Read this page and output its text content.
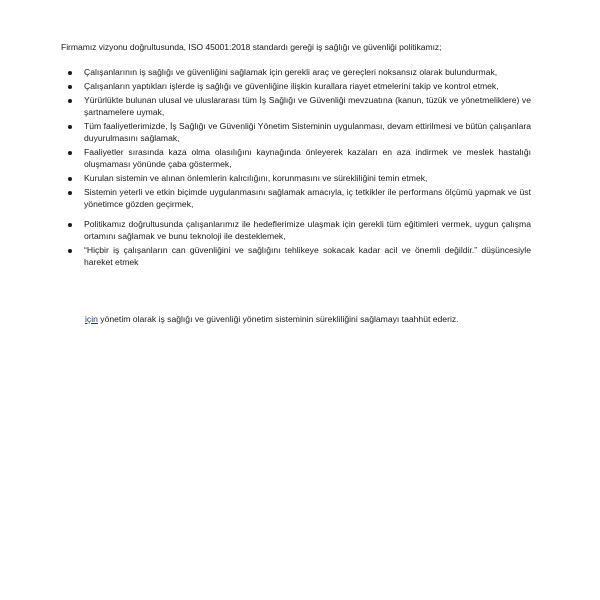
Firmamız vizyonu doğrultusunda, ISO 45001:2018 standardı gereği iş sağlığı ve güvenliği politikamız;
Çalışanlarının iş sağlığı ve güvenliğini sağlamak için gerekli araç ve gereçleri noksansız olarak bulundurmak,
Çalışanların yaptıkları işlerde iş sağlığı ve güvenliğine ilişkin kurallara riayet etmelerini takip ve kontrol etmek,
Yürürlükte bulunan ulusal ve uluslararası tüm İş Sağlığı ve Güvenliği mevzuatına (kanun, tüzük ve yönetmeliklere) ve şartnamelere uymak,
Tüm faaliyetlerimizde, İş Sağlığı ve Güvenliği Yönetim Sisteminin uygulanması, devam ettirilmesi ve bütün çalışanlara duyurulmasını sağlamak,
Faaliyetler sırasında kaza olma olasılığını kaynağında önleyerek kazaları en aza indirmek ve meslek hastalığı oluşmaması yönünde çaba göstermek,
Kurulan sistemin ve alınan önlemlerin kalıcılığını, korunmasını ve sürekliliğini temin etmek,
Sistemin yeterli ve etkin biçimde uygulanmasını sağlamak amacıyla, iç tetkikler ile performans ölçümü yapmak ve üst yönetimce gözden geçirmek,
Politikamız doğrultusunda çalışanlarımız ile hedeflerimize ulaşmak için gerekli tüm eğitimleri vermek, uygun çalışma ortamını sağlamak ve bunu teknoloji ile desteklemek,
“Hiçbir iş çalışanların can güvenliğini ve sağlığını tehlikeye sokacak kadar acil ve önemli değildir.” düşüncesiyle hareket etmek
için yönetim olarak iş sağlığı ve güvenliği yönetim sisteminin sürekliliğini sağlamayı taahhüt ederiz.
